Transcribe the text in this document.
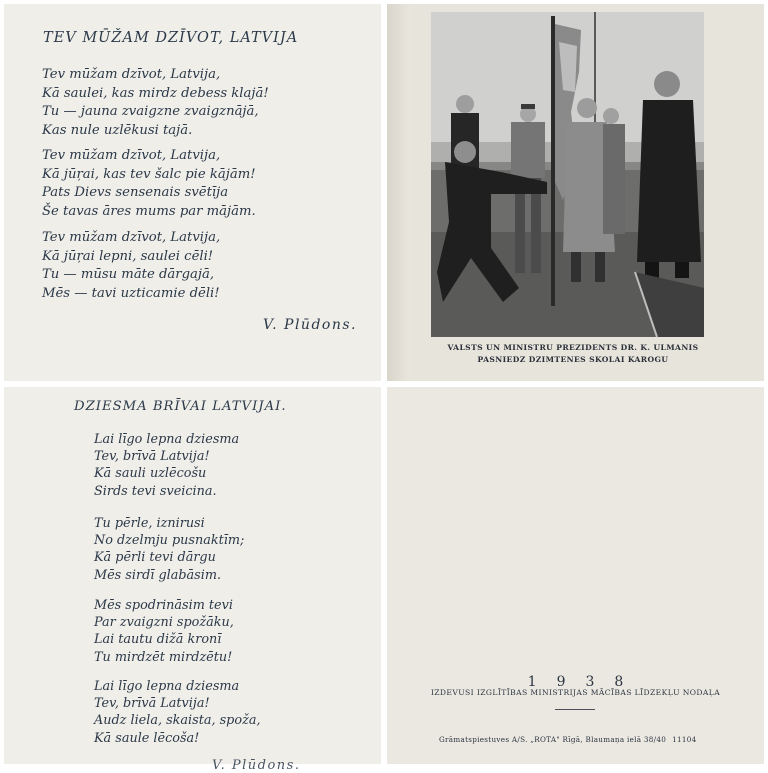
TEV MŪŽAM DZĪVOT, LATVIJA

Tev mūžam dzīvot, Latvija,
Kā saulei, kas mirdz debess klajā!
Tu — jauna zvaigzne zvaigznājā,
Kas nule uzlēkusi tajā.

Tev mūžam dzīvot, Latvija,
Kā jūŗai, kas tev šalc pie kājām!
Pats Dievs sensenais svētīja
Še tavas āres mums par mājām.

Tev mūžam dzīvot, Latvija,
Kā jūŗai lepni, saulei cēli!
Tu — mūsu māte dārgajā,
Mēs — tavi uzticamie dēli!

V. Plūdons.

VALSTS UN MINISTRU PREZIDENTS DR. K. ULMANIS
PASNIEDZ DZIMTENES SKOLAI KAROGU

DZIESMA BRĪVAI LATVIJAI.

Lai līgo lepna dziesma
Tev, brīvā Latvija!
Kā sauli uzlēcošu
Sirds tevi sveicina.

Tu pērle, iznirusi
No dzelmju pusnaktīm;
Kā pērli tevi dārgu
Mēs sirdī glabāsim.

Mēs spodrināsim tevi
Par zvaigzni spožāku,
Lai tautu dižā kronī
Tu mirdzēt mirdzētu!

Lai līgo lepna dziesma
Tev, brīvā Latvija!
Audz liela, skaista, spoža,
Kā saule lēcoša!

V. Plūdons.

1938

IZDEVUSI IZGLĪTĪBAS MINISTRIJAS MĀCĪBAS LĪDZEKĻU NODAĻA

Grāmatspiestuves A/S. „ROTA" Rīgā, Blaumaņa ielā 38/40 11104
